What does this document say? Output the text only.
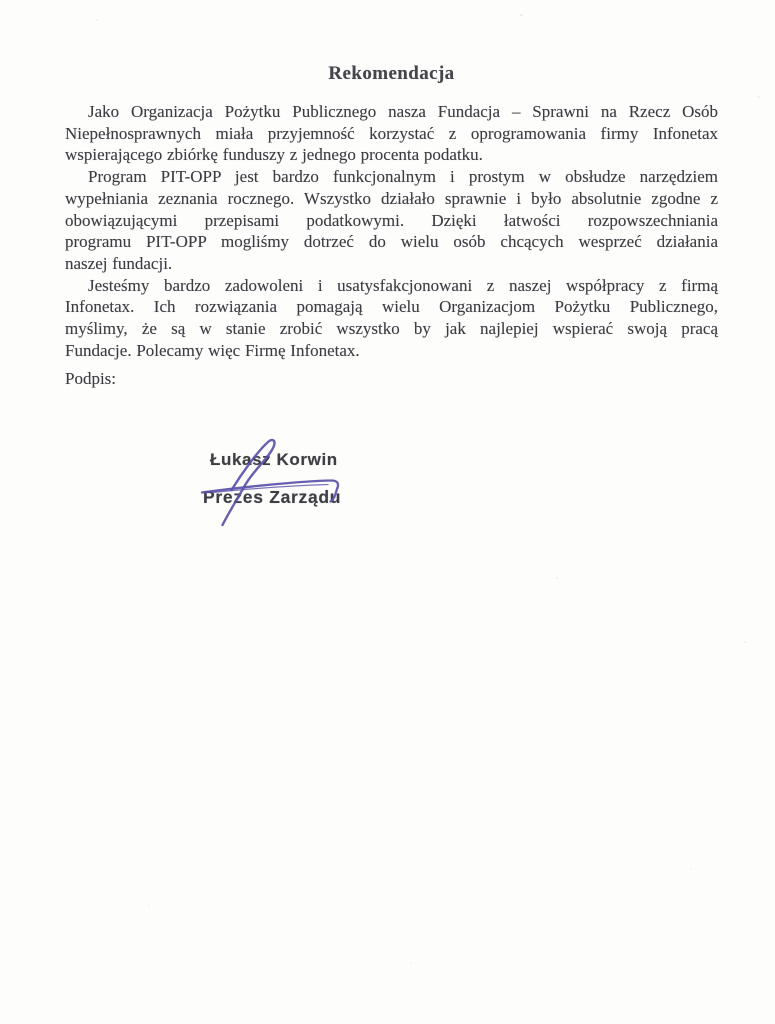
Rekomendacja
Jako Organizacja Pożytku Publicznego nasza Fundacja – Sprawni na Rzecz Osób
Niepełnosprawnych miała przyjemność korzystać z oprogramowania firmy Infonetax
wspierającego zbiórkę funduszy z jednego procenta podatku.
Program PIT-OPP jest bardzo funkcjonalnym i prostym w obsłudze narzędziem
wypełniania zeznania rocznego. Wszystko działało sprawnie i było absolutnie zgodne z
obowiązującymi przepisami podatkowymi. Dzięki łatwości rozpowszechniania
programu PIT-OPP mogliśmy dotrzeć do wielu osób chcących wesprzeć działania
naszej fundacji.
Jesteśmy bardzo zadowoleni i usatysfakcjonowani z naszej współpracy z firmą
Infonetax. Ich rozwiązania pomagają wielu Organizacjom Pożytku Publicznego,
myślimy, że są w stanie zrobić wszystko by jak najlepiej wspierać swoją pracą
Fundacje. Polecamy więc Firmę Infonetax.
Podpis:
Łukasz Korwin
Prezes Zarządu
